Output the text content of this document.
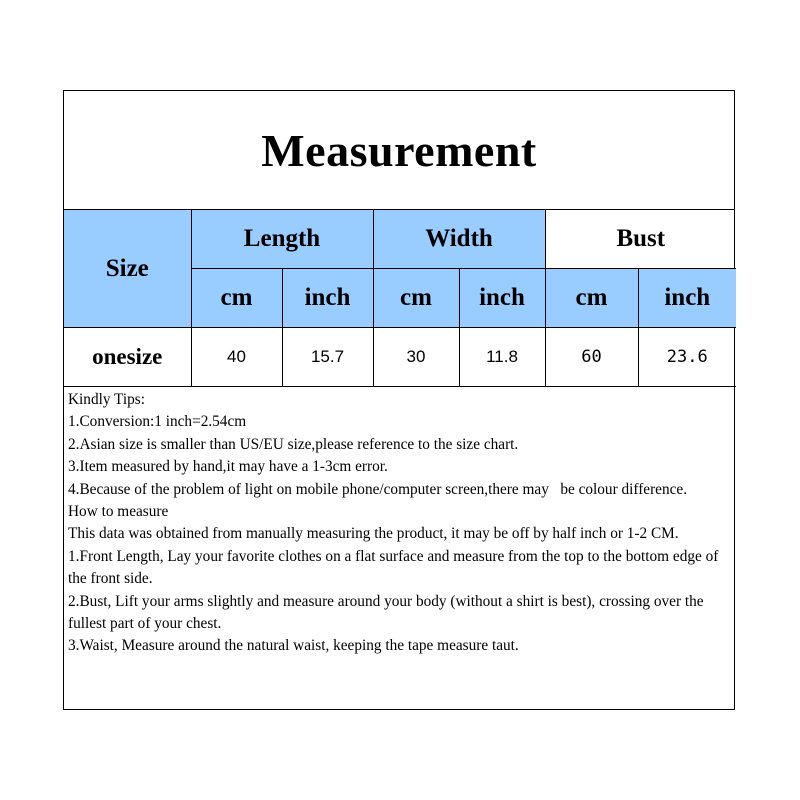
Measurement
Size	Length		Width		Bust	
	cm	inch	cm	inch	cm	inch
onesize	40	15.7	30	11.8	60	23.6
Kindly Tips:
1.Conversion:1 inch=2.54cm
2.Asian size is smaller than US/EU size,please reference to the size chart.
3.Item measured by hand,it may have a 1-3cm error.
4.Because of the problem of light on mobile phone/computer screen,there may   be colour difference.
How to measure
This data was obtained from manually measuring the product, it may be off by half inch or 1-2 CM.
1.Front Length, Lay your favorite clothes on a flat surface and measure from the top to the bottom edge of the front side.
2.Bust, Lift your arms slightly and measure around your body (without a shirt is best), crossing over the fullest part of your chest.
3.Waist, Measure around the natural waist, keeping the tape measure taut.
